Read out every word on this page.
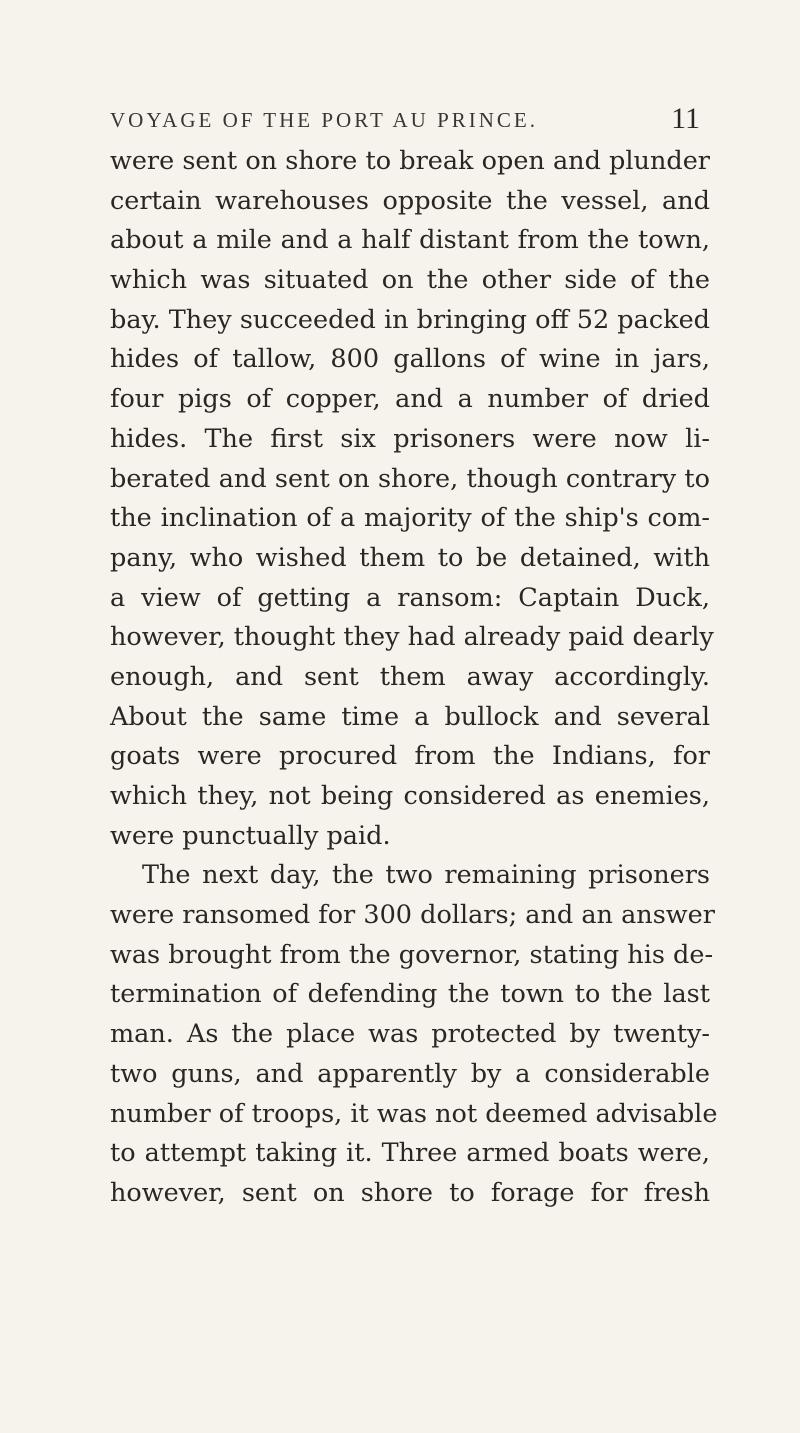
VOYAGE OF THE PORT AU PRINCE.	11
were sent on shore to break open and plunder
certain warehouses opposite the vessel, and
about a mile and a half distant from the town,
which was situated on the other side of the
bay. They succeeded in bringing off 52 packed
hides of tallow, 800 gallons of wine in jars,
four pigs of copper, and a number of dried
hides. The first six prisoners were now li-
berated and sent on shore, though contrary to
the inclination of a majority of the ship's com-
pany, who wished them to be detained, with
a view of getting a ransom: Captain Duck,
however, thought they had already paid dearly
enough, and sent them away accordingly.
About the same time a bullock and several
goats were procured from the Indians, for
which they, not being considered as enemies,
were punctually paid.
The next day, the two remaining prisoners
were ransomed for 300 dollars; and an answer
was brought from the governor, stating his de-
termination of defending the town to the last
man. As the place was protected by twenty-
two guns, and apparently by a considerable
number of troops, it was not deemed advisable
to attempt taking it. Three armed boats were,
however, sent on shore to forage for fresh
